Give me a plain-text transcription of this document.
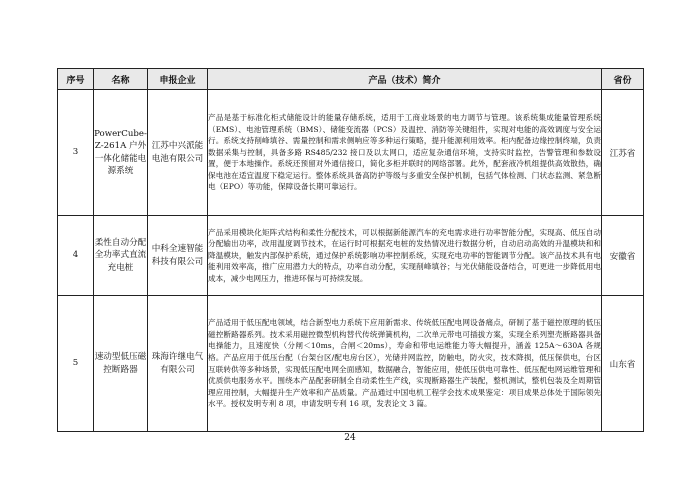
序号	名称	申报企业	产品（技术）简介	省份
3	PowerCube-Z-261A 户外一体化储能电源系统	江苏中兴派能电池有限公司	产品是基于标准化柜式储能设计的能量存储系统，适用于工商业场景的电力调节与管理。该系统集成能量管理系统（EMS）、电池管理系统（BMS）、储能变流器（PCS）及温控、消防等关键组件，实现对电能的高效调度与安全运行。系统支持削峰填谷、需量控制和需求侧响应等多种运行策略，提升能源利用效率。柜内配备边缘控制终端，负责数据采集与控制，具备多路 RS485/232 接口及以太网口，适应复杂通信环境，支持实时监控，告警管理和参数设置，便于本地操作。系统还预留对外通信接口，简化多柜并联时的网络部署。此外，配套液冷机组提供高效散热，确保电池在适宜温度下稳定运行。整体系统具备高防护等级与多重安全保护机制，包括气体检测、门状态监测、紧急断电（EPO）等功能，保障设备长期可靠运行。	江苏省
4	柔性自动分配全功率式直流充电桩	中科全速智能科技有限公司	产品采用模块化矩阵式结构和柔性分配技术，可以根据新能源汽车的充电需求进行功率智能分配，实现高、低压自动分配输出功率，改用温度调节技术，在运行时可根据充电桩的发热情况进行数据分析，自动启动高效的升温模块和和降温模块，触发内部保护系统，通过保护系统影响功率控制系统，实现充电功率的智能调节分配。该产品技术具有电能利用效率高，推广应用潜力大的特点，功率自动分配，实现削峰填谷；与光伏储能设备结合，可更进一步降低用电成本，减少电网压力，推进环保与可持续发展。	安徽省
5	速动型低压磁控断路器	珠海许继电气有限公司	产品适用于低压配电领域，结合新型电力系统下应用新需求、传统低压配电网设备痛点，研制了基于磁控原理的低压磁控断路器系列。技术采用磁控微型机构替代传统弹簧机构，二次单元带电可插拔方案，实现全系列塑壳断路器具备电操能力，且速度快（分闸＜10ms，合闸＜20ms），寿命和带电运维能力等大幅提升，涵盖 125A～630A 各规格。产品应用于低压台配（台架台区/配电房台区），光储并网监控，防触电，防火灾，技术降损，低压保供电，台区互联转供等多种场景，实现低压配电网全面感知，数据融合，智能应用，使低压供电可靠性、低压配电网运维管理和优质供电服务水平。围绕本产品配套研制全自动柔性生产线，实现断路器生产装配，整机测试，整机包装及全周期管理应用控制，大幅提升生产效率和产品质量。产品通过中国电机工程学会技术成果鉴定：项目成果总体处于国际领先水平。授权发明专利 8 项，申请发明专利 16 项，发表论文 3 篇。	山东省
24
